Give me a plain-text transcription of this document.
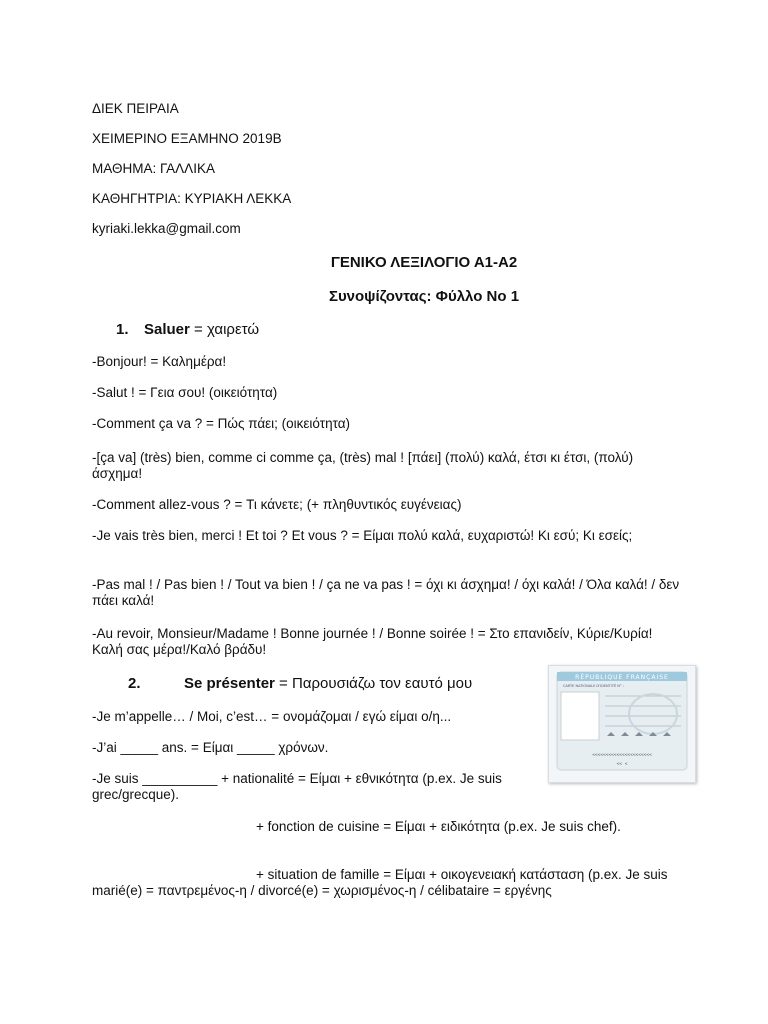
ΔΙΕΚ ΠΕΙΡΑΙΑ
ΧΕΙΜΕΡΙΝΟ ΕΞΑΜΗΝΟ 2019Β
ΜΑΘΗΜΑ: ΓΑΛΛΙΚΑ
ΚΑΘΗΓΗΤΡΙΑ: ΚΥΡΙΑΚΗ ΛΕΚΚΑ
kyriaki.lekka@gmail.com
ΓΕΝΙΚΟ ΛΕΞΙΛΟΓΙΟ Α1-Α2
Συνοψίζοντας: Φύλλο Νο 1
1. Saluer = χαιρετώ
-Bonjour! = Καλημέρα!
-Salut ! = Γεια σου! (οικειότητα)
-Comment ça va ? = Πώς πάει; (οικειότητα)
-[ça va] (très) bien, comme ci comme ça, (très) mal ! [πάει] (πολύ) καλά, έτσι κι έτσι, (πολύ) άσχημα!
-Comment allez-vous ? = Τι κάνετε; (+ πληθυντικός ευγένειας)
-Je vais très bien, merci ! Et toi ? Et vous ? = Είμαι πολύ καλά, ευχαριστώ! Κι εσύ; Κι εσείς;
-Pas mal ! / Pas bien ! / Tout va bien ! / ça ne va pas ! = όχι κι άσχημα! / όχι καλά! / Όλα καλά! / δεν πάει καλά!
-Au revoir, Monsieur/Madame ! Bonne journée ! / Bonne soirée ! = Στο επανιδείν, Κύριε/Κυρία! Καλή σας μέρα!/Καλό βράδυ!
2.	Se présenter = Παρουσιάζω τον εαυτό μου	RÉPUBLIQUE FRANÇAISE
CARTE NATIONALE D'IDENTITÉ N° :
<<<<<<<<<<<<<<<<<<<<<<
<< <
-Je m’appelle… / Moi, c’est… = ονομάζομαι / εγώ είμαι ο/η...
-J’ai _____ ans. = Είμαι _____ χρόνων.
-Je suis __________ + nationalité = Είμαι + εθνικότητα (p.ex. Je suis grec/grecque).
+ fonction de cuisine = Είμαι + ειδικότητα (p.ex. Je suis chef).
+ situation de famille = Είμαι + οικογενειακή κατάσταση (p.ex. Je suis marié(e) = παντρεμένος-η / divorcé(e) = χωρισμένος-η / célibataire = εργένης
